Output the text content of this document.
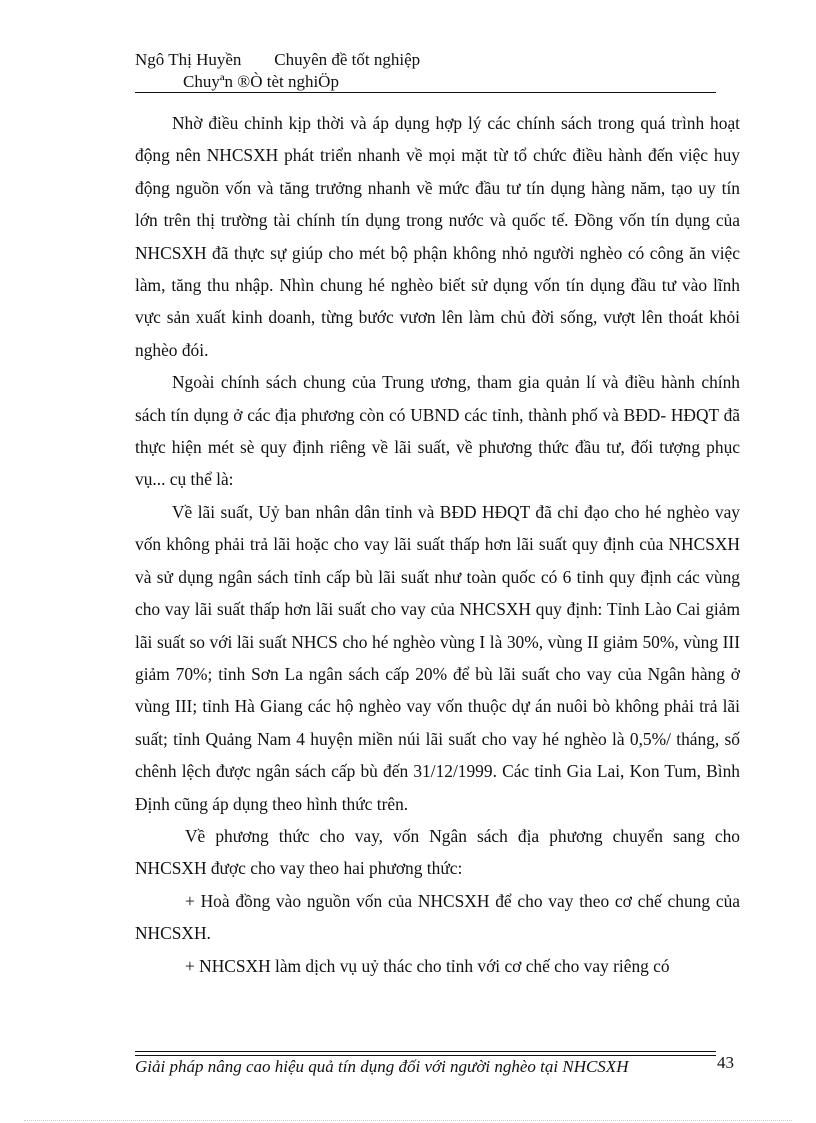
Ngô Thị Huyền Chuyên đề tốt nghiệp
Chuyªn ®Ò tèt nghiÖp

Nhờ điều chỉnh kịp thời và áp dụng hợp lý các chính sách trong quá trình hoạt động nên NHCSXH phát triển nhanh về mọi mặt từ tổ chức điều hành đến việc huy động nguồn vốn và tăng trưởng nhanh về mức đầu tư tín dụng hàng năm, tạo uy tín lớn trên thị trường tài chính tín dụng trong nước và quốc tế. Đồng vốn tín dụng của NHCSXH đã thực sự giúp cho mét bộ phận không nhỏ người nghèo có công ăn việc làm, tăng thu nhập. Nhìn chung hé nghèo biết sử dụng vốn tín dụng đầu tư vào lĩnh vực sản xuất kinh doanh, từng bước vươn lên làm chủ đời sống, vượt lên thoát khỏi nghèo đói.

Ngoài chính sách chung của Trung ương, tham gia quản lí và điều hành chính sách tín dụng ở các địa phương còn có UBND các tỉnh, thành phố và BĐD- HĐQT đã thực hiện mét sè quy định riêng về lãi suất, về phương thức đầu tư, đối tượng phục vụ... cụ thể là:

Về lãi suất, Uỷ ban nhân dân tỉnh và BĐD HĐQT đã chỉ đạo cho hé nghèo vay vốn không phải trả lãi hoặc cho vay lãi suất thấp hơn lãi suất quy định của NHCSXH và sử dụng ngân sách tỉnh cấp bù lãi suất như toàn quốc có 6 tỉnh quy định các vùng cho vay lãi suất thấp hơn lãi suất cho vay của NHCSXH quy định: Tỉnh Lào Cai giảm lãi suất so với lãi suất NHCS cho hé nghèo vùng I là 30%, vùng II giảm 50%, vùng III giảm 70%; tỉnh Sơn La ngân sách cấp 20% để bù lãi suất cho vay của Ngân hàng ở vùng III; tỉnh Hà Giang các hộ nghèo vay vốn thuộc dự án nuôi bò không phải trả lãi suất; tỉnh Quảng Nam 4 huyện miền núi lãi suất cho vay hé nghèo là 0,5%/ tháng, số chênh lệch được ngân sách cấp bù đến 31/12/1999. Các tỉnh Gia Lai, Kon Tum, Bình Định cũng áp dụng theo hình thức trên.

Về phương thức cho vay, vốn Ngân sách địa phương chuyển sang cho NHCSXH được cho vay theo hai phương thức:

+ Hoà đồng vào nguồn vốn của NHCSXH để cho vay theo cơ chế chung của NHCSXH.

+ NHCSXH làm dịch vụ uỷ thác cho tỉnh với cơ chế cho vay riêng có

Giải pháp nâng cao hiệu quả tín dụng đối với người nghèo tại NHCSXH	43
